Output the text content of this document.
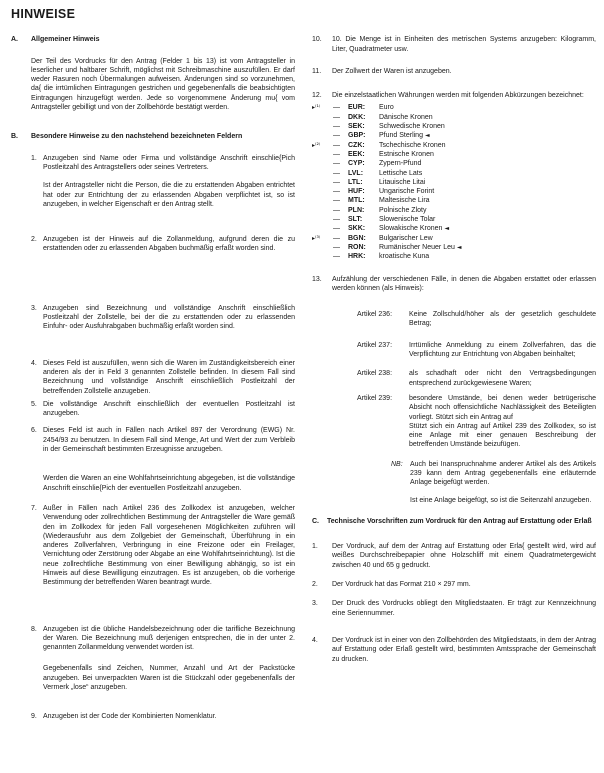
HINWEISE
A.	Allgemeiner Hinweis
Der Teil des Vordrucks für den Antrag (Felder 1 bis 13) ist vom Antragsteller in leserlicher und haltbarer Schrift, möglichst mit Schreibmaschine auszufüllen. Er darf weder Rasuren noch Übermalungen aufweisen. Änderungen sind so vorzunehmen, da{ die irrtümlichen Eintragungen gestrichen und gegebenenfalls die beabsichtigten Eintragungen hinzugefügt werden. Jede so vorgenommene Änderung mu{ vom Antragsteller gebilligt und von der Zollbehörde bestätigt werden.
B.	Besondere Hinweise zu den nachstehend bezeichneten Feldern
1. Anzugeben sind Name oder Firma und vollständige Anschrift einschlie{Pich Postleitzahl des Antragstellers oder seines Vertreters.
Ist der Antragsteller nicht die Person, die die zu erstattenden Abgaben entrichtet hat oder zur Entrichtung der zu erlassenden Abgaben verpflichtet ist, so ist anzugeben, in welcher Eigenschaft er den Antrag stellt.
2. Anzugeben ist der Hinweis auf die Zollanmeldung, aufgrund deren die zu erstattenden oder zu erlassenden Abgaben buchmäßig erfaßt worden sind.
3. Anzugeben sind Bezeichnung und vollständige Anschrift einschließlich Postleitzahl der Zollstelle, bei der die zu erstattenden oder zu erlassenden Einfuhr- oder Ausfuhrabgaben buchmäßig erfaßt worden sind.
4. Dieses Feld ist auszufüllen, wenn sich die Waren im Zuständigkeitsbereich einer anderen als der in Feld 3 genannten Zollstelle befinden. In diesem Fall sind Bezeichnung und vollständige Anschrift einschließlich Postleitzahl der betreffenden Zollstelle anzugeben.
5. Die vollständige Anschrift einschließlich der eventuellen Postleitzahl ist anzugeben.
6. Dieses Feld ist auch in Fällen nach Artikel 897 der Verordnung (EWG) Nr. 2454/93 zu benutzen. In diesem Fall sind Menge, Art und Wert der zum Verbleib in der Gemeinschaft bestimmten Erzeugnisse anzugeben.
Werden die Waren an eine Wohlfahrtseinrichtung abgegeben, ist die vollständige Anschrift einschlie{Pich der eventuellen Postleitzahl anzugeben.
7. Außer in Fällen nach Artikel 236 des Zollkodex ist anzugeben, welcher Verwendung oder zollrechtlichen Bestimmung der Antragsteller die Ware gemäß den im Zollkodex für jeden Fall vorgesehenen Möglichkeiten zuführen will (Wiederausfuhr aus dem Zollgebiet der Gemeinschaft, Überführung in ein anderes Zollverfahren, Verbringung in eine Freizone oder ein Freilager, Vernichtung oder Zerstörung oder Abgabe an eine Wohlfahrtseinrichtung). Ist die neue zollrechtliche Bestimmung von einer Bewilligung abhängig, so ist ein Hinweis auf diese Bewilligung einzutragen. Es ist anzugeben, ob die vorherige Bestimmung der betreffenden Waren beantragt wurde.
8. Anzugeben ist die übliche Handelsbezeichnung oder die tarifliche Bezeichnung der Waren. Die Bezeichnung muß derjenigen entsprechen, die in der unter 2. genannten Zollanmeldung verwendet worden ist.
Gegebenenfalls sind Zeichen, Nummer, Anzahl und Art der Packstücke anzugeben. Bei unverpackten Waren ist die Stückzahl oder gegebenenfalls der Vermerk „lose“ anzugeben.
9. Anzugeben ist der Code der Kombinierten Nomenklatur.
10.	10. Die Menge ist in Einheiten des metrischen Systems anzugeben: Kilogramm, Liter, Quadratmeter usw.
11.	Der Zollwert der Waren ist anzugeben.
12.	Die einzelstaatlichen Währungen werden mit folgenden Abkürzungen bezeichnet:
▸⁽¹⁾	—	EUR:	Euro
—	DKK:	Dänische Kronen
—	SEK:	Schwedische Kronen
—	GBP:	Pfund Sterling ◄
▸⁽²⁾	—	CZK:	Tschechische Kronen
—	EEK:	Estnische Kronen
—	CYP:	Zypern-Pfund
—	LVL:	Lettische Lats
—	LTL:	Litauische Litai
—	HUF:	Ungarische Forint
—	MTL:	Maltesische Lira
—	PLN:	Polnische Zloty
—	SLT:	Slowenische Tolar
—	SKK:	Slowakische Kronen ◄
▸⁽³⁾	—	BGN:	Bulgarischer Lew
—	RON:	Rumänischer Neuer Leu ◄
—	HRK:	kroatische Kuna
13.	Aufzählung der verschiedenen Fälle, in denen die Abgaben erstattet oder erlassen werden können (als Hinweis):
Artikel 236:	Keine Zollschuld/höher als der gesetzlich geschuldete Betrag;
Artikel 237:	Irrtümliche Anmeldung zu einem Zollverfahren, das die Verpflichtung zur Entrichtung von Abgaben beinhaltet;
Artikel 238:	als schadhaft oder nicht den Vertragsbedingungen entsprechend zurückgewiesene Waren;
Artikel 239:	besondere Umstände, bei denen weder betrügerische Absicht noch offensichtliche Nachlässigkeit des Beteiligten vorliegt. Stützt sich ein Antrag auf
Stützt sich ein Antrag auf Artikel 239 des Zollkodex, so ist eine Anlage mit einer genauen Beschreibung der betreffenden Umstände beizufügen.
NB:	Auch bei Inanspruchnahme anderer Artikel als des Artikels 239 kann dem Antrag gegebenenfalls eine erläuternde Anlage beigefügt werden.
Ist eine Anlage beigefügt, so ist die Seitenzahl anzugeben.
C.	Technische Vorschriften zum Vordruck für den Antrag auf Erstattung oder Erlaß
1.	Der Vordruck, auf dem der Antrag auf Erstattung oder Erla{ gestellt wird, wird auf weißes Durchschreibepapier ohne Holzschliff mit einem Quadratmetergewicht zwischen 40 und 65 g gedruckt.
2.	Der Vordruck hat das Format 210 × 297 mm.
3.	Der Druck des Vordrucks obliegt den Mitgliedstaaten. Er trägt zur Kennzeichnung eine Seriennummer.
4.	Der Vordruck ist in einer von den Zollbehörden des Mitgliedstaats, in dem der Antrag auf Erstattung oder Erlaß gestellt wird, bestimmten Amtssprache der Gemeinschaft zu drucken.
